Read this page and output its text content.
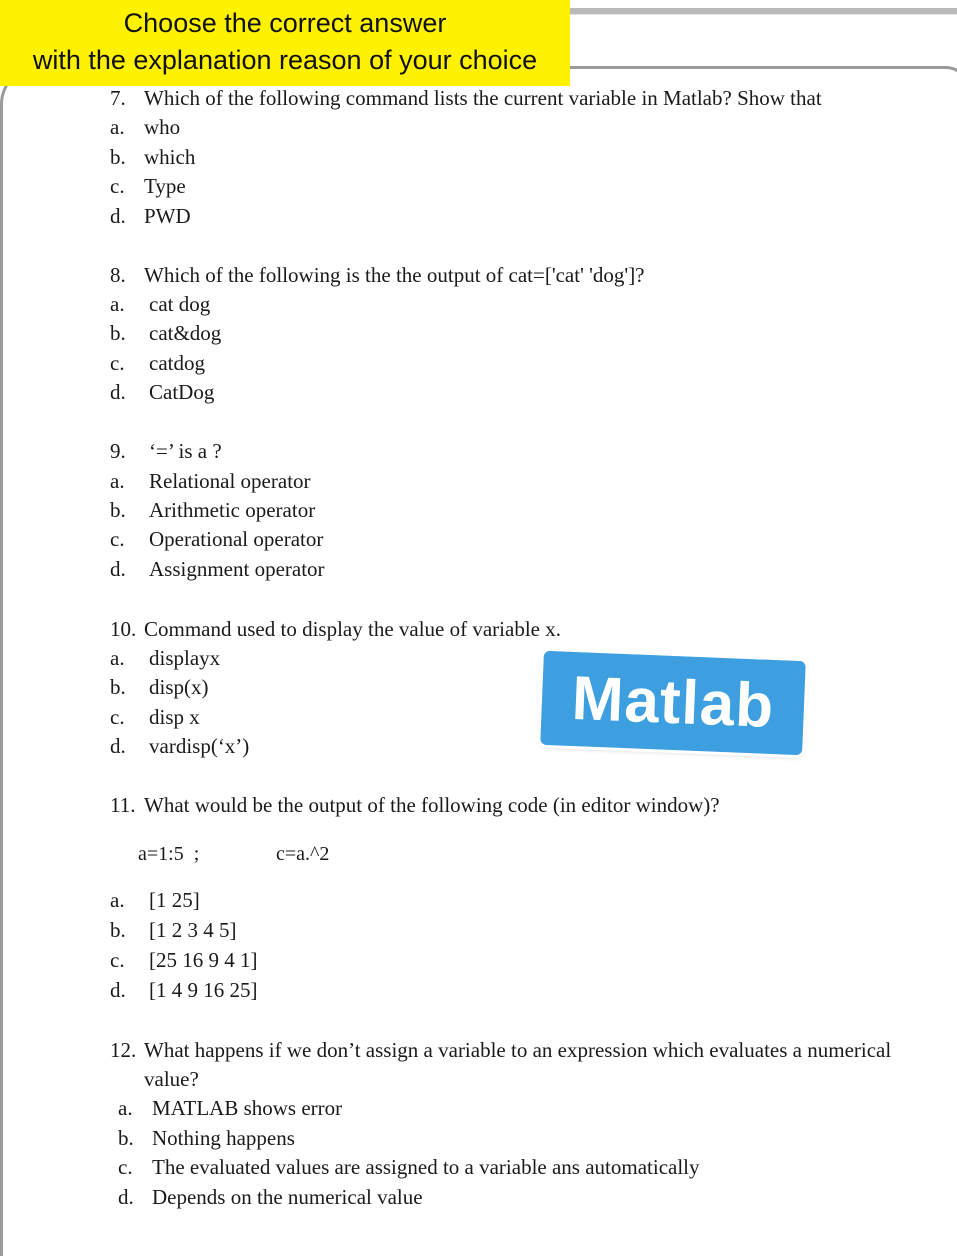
Choose the correct answer
with the explanation reason of your choice
7. Which of the following command lists the current variable in Matlab? Show that
a. who
b. which
c. Type
d. PWD
8. Which of the following is the the output of cat=['cat' 'dog']?
a. cat dog
b. cat&dog
c. catdog
d. CatDog
9. ‘=’ is a ?
a. Relational operator
b. Arithmetic operator
c. Operational operator
d. Assignment operator
10. Command used to display the value of variable x.
a. displayx
b. disp(x)
c. disp x
d. vardisp(‘x’)
Matlab
11. What would be the output of the following code (in editor window)?
a=1:5  ;	c=a.^2
a. [1 25]
b. [1 2 3 4 5]
c. [25 16 9 4 1]
d. [1 4 9 16 25]
12. What happens if we don’t assign a variable to an expression which evaluates a numerical
value?
a. MATLAB shows error
b. Nothing happens
c. The evaluated values are assigned to a variable ans automatically
d. Depends on the numerical value
